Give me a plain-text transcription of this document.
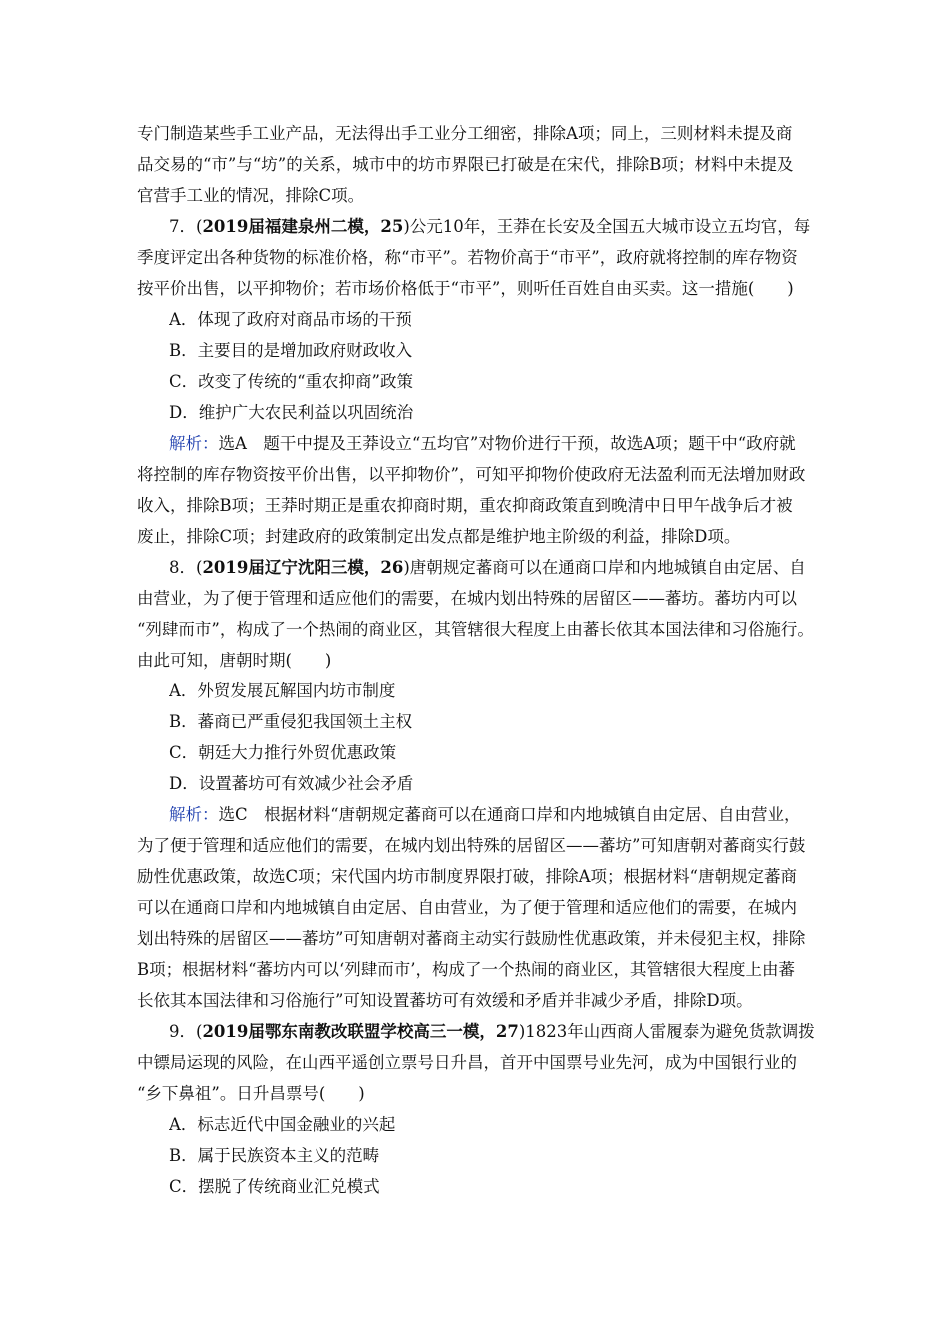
专门制造某些手工业产品，无法得出手工业分工细密，排除A项；同上，三则材料未提及商
品交易的“市”与“坊”的关系，城市中的坊市界限已打破是在宋代，排除B项；材料中未提及
官营手工业的情况，排除C项。
7．(2019届福建泉州二模，25)公元10年，王莽在长安及全国五大城市设立五均官，每
季度评定出各种货物的标准价格，称“市平”。若物价高于“市平”，政府就将控制的库存物资
按平价出售，以平抑物价；若市场价格低于“市平”，则听任百姓自由买卖。这一措施(　　)
A．体现了政府对商品市场的干预
B．主要目的是增加政府财政收入
C．改变了传统的“重农抑商”政策
D．维护广大农民利益以巩固统治
解析：选A　题干中提及王莽设立“五均官”对物价进行干预，故选A项；题干中“政府就
将控制的库存物资按平价出售，以平抑物价”，可知平抑物价使政府无法盈利而无法增加财政
收入，排除B项；王莽时期正是重农抑商时期，重农抑商政策直到晚清中日甲午战争后才被
废止，排除C项；封建政府的政策制定出发点都是维护地主阶级的利益，排除D项。
8．(2019届辽宁沈阳三模，26)唐朝规定蕃商可以在通商口岸和内地城镇自由定居、自
由营业，为了便于管理和适应他们的需要，在城内划出特殊的居留区——蕃坊。蕃坊内可以
“列肆而市”，构成了一个热闹的商业区，其管辖很大程度上由蕃长依其本国法律和习俗施行。
由此可知，唐朝时期(　　)
A．外贸发展瓦解国内坊市制度
B．蕃商已严重侵犯我国领土主权
C．朝廷大力推行外贸优惠政策
D．设置蕃坊可有效减少社会矛盾
解析：选C　根据材料“唐朝规定蕃商可以在通商口岸和内地城镇自由定居、自由营业，
为了便于管理和适应他们的需要，在城内划出特殊的居留区——蕃坊”可知唐朝对蕃商实行鼓
励性优惠政策，故选C项；宋代国内坊市制度界限打破，排除A项；根据材料“唐朝规定蕃商
可以在通商口岸和内地城镇自由定居、自由营业，为了便于管理和适应他们的需要，在城内
划出特殊的居留区——蕃坊”可知唐朝对蕃商主动实行鼓励性优惠政策，并未侵犯主权，排除
B项；根据材料“蕃坊内可以‘列肆而市’，构成了一个热闹的商业区，其管辖很大程度上由蕃
长依其本国法律和习俗施行”可知设置蕃坊可有效缓和矛盾并非减少矛盾，排除D项。
9．(2019届鄂东南教改联盟学校高三一模，27)1823年山西商人雷履泰为避免货款调拨
中镖局运现的风险，在山西平遥创立票号日升昌，首开中国票号业先河，成为中国银行业的
“乡下鼻祖”。日升昌票号(　　)
A．标志近代中国金融业的兴起
B．属于民族资本主义的范畴
C．摆脱了传统商业汇兑模式
